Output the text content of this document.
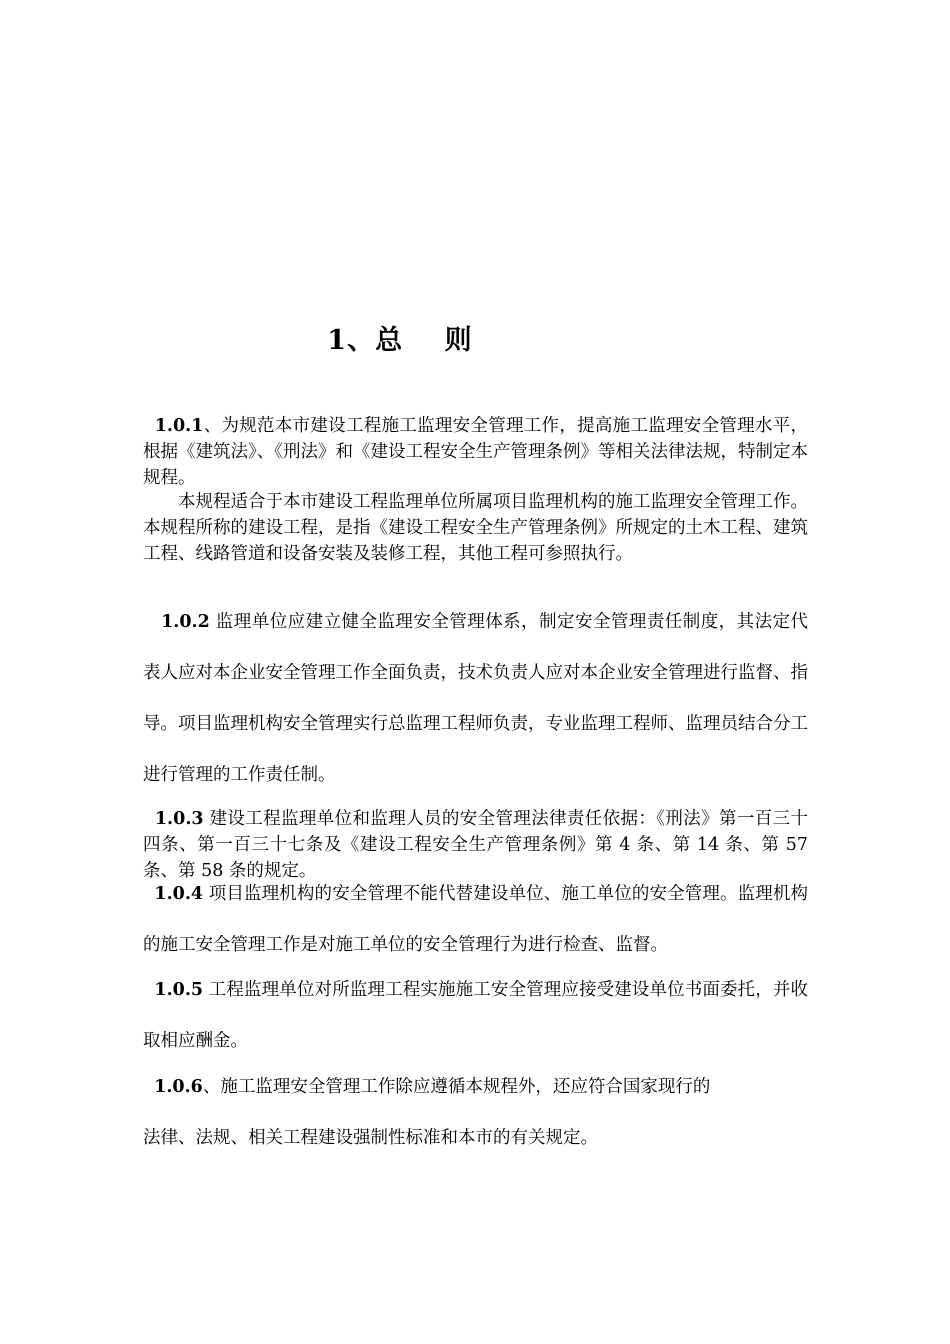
1、总    则
1.0.1、为规范本市建设工程施工监理安全管理工作，提高施工监理安全管理水平，根据《建筑法》、《刑法》和《建设工程安全生产管理条例》等相关法律法规，特制定本规程。
本规程适合于本市建设工程监理单位所属项目监理机构的施工监理安全管理工作。本规程所称的建设工程，是指《建设工程安全生产管理条例》所规定的土木工程、建筑工程、线路管道和设备安装及装修工程，其他工程可参照执行。
1.0.2 监理单位应建立健全监理安全管理体系，制定安全管理责任制度，其法定代表人应对本企业安全管理工作全面负责，技术负责人应对本企业安全管理进行监督、指导。项目监理机构安全管理实行总监理工程师负责，专业监理工程师、监理员结合分工进行管理的工作责任制。
1.0.3 建设工程监理单位和监理人员的安全管理法律责任依据：《刑法》第一百三十四条、第一百三十七条及《建设工程安全生产管理条例》第 4 条、第 14 条、第 57 条、第 58 条的规定。
1.0.4 项目监理机构的安全管理不能代替建设单位、施工单位的安全管理。监理机构的施工安全管理工作是对施工单位的安全管理行为进行检查、监督。
1.0.5 工程监理单位对所监理工程实施施工安全管理应接受建设单位书面委托，并收取相应酬金。
1.0.6、施工监理安全管理工作除应遵循本规程外，还应符合国家现行的
法律、法规、相关工程建设强制性标准和本市的有关规定。
